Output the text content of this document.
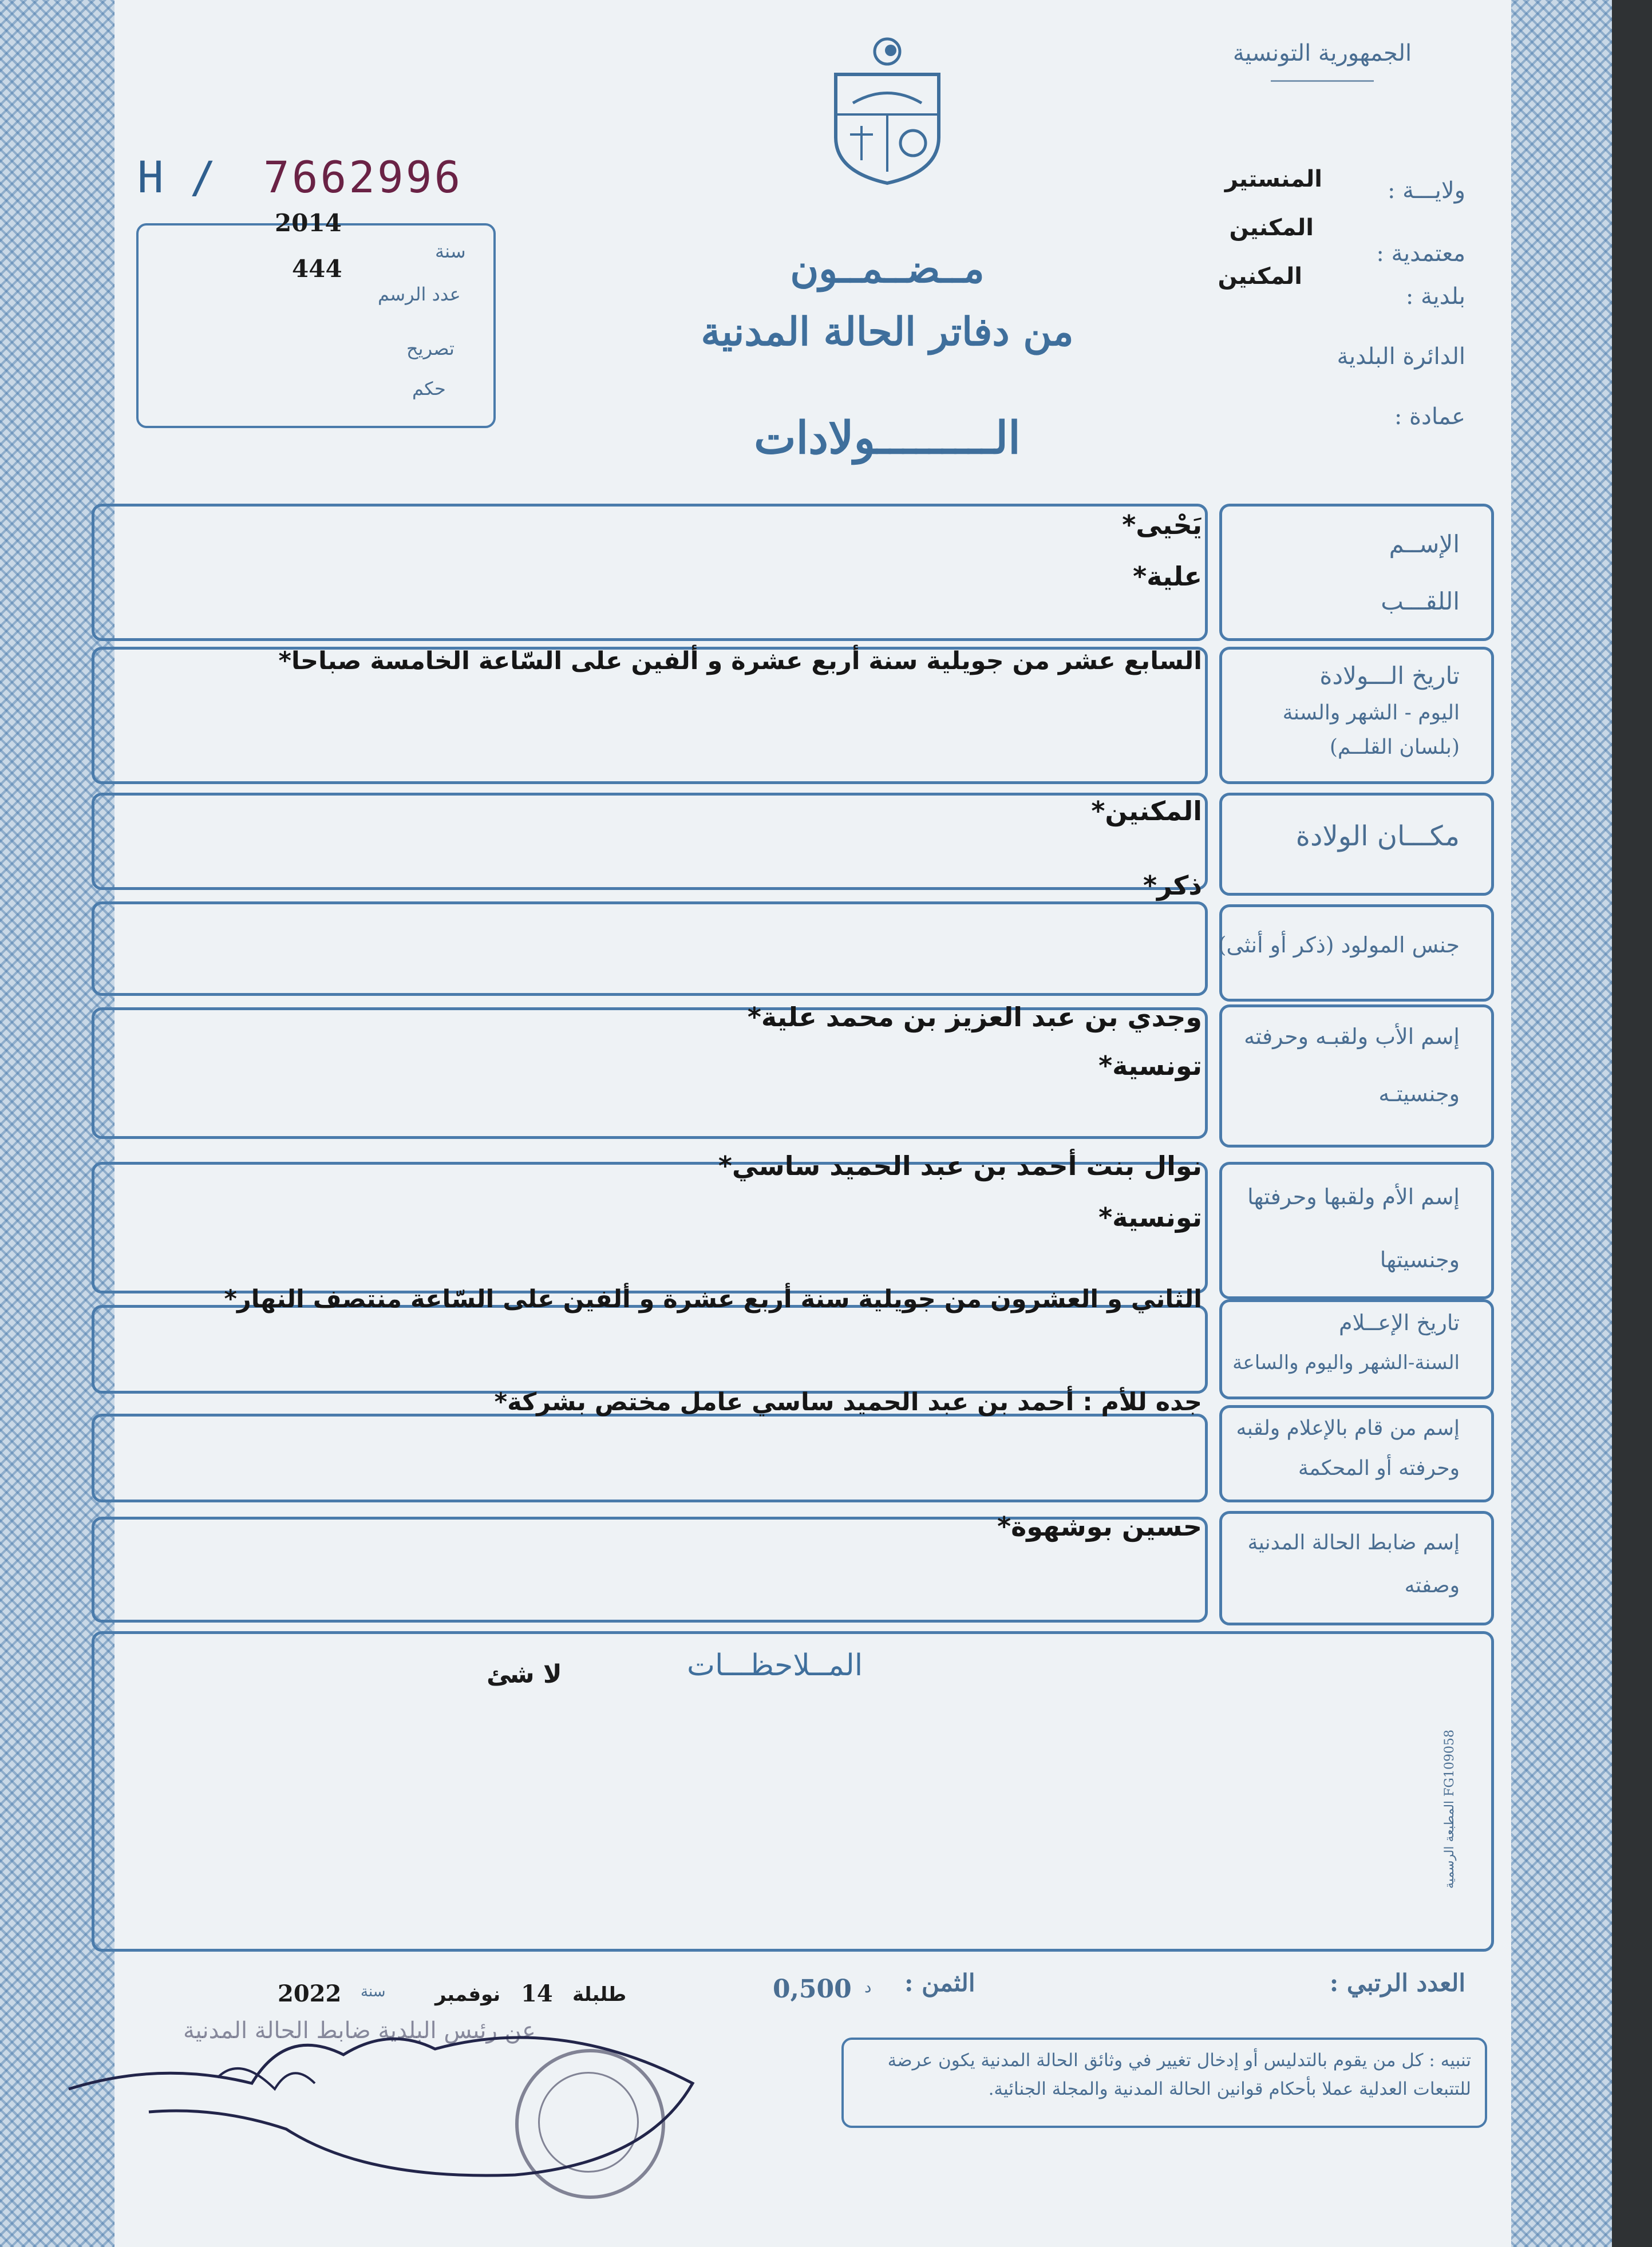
الجمهورية التونسية
ولايـــة :
المنستير
معتمدية :
المكنين
بلدية :
المكنين
الدائرة البلدية
عمادة :
H / 7662996
2014
سنة
444
عدد الرسم
تصريح
حكم
مــضــمــون
من دفاتر الحالة المدنية
الـــــــــولادات
الإســم
اللقـــب
يَحْيى*
علية*
تاريخ الـــولادة
اليوم - الشهر والسنة
(بلسان القلــم)
السابع عشر من جويلية سنة أربع عشرة و ألفين على السّاعة الخامسة صباحا*
مكـــان الولادة
المكنين*
جنس المولود (ذكر أو أنثى)
ذكر*
إسم الأب ولقبـه وحرفته
وجنسيتـه
وجدي بن عبد العزيز بن محمد علية*
تونسية*
إسم الأم ولقبها وحرفتها
وجنسيتها
نوال بنت أحمد بن عبد الحميد ساسي*
تونسية*
تاريخ الإعــلام
السنة-الشهر واليوم والساعة
الثاني و العشرون من جويلية سنة أربع عشرة و ألفين على السّاعة منتصف النهار*
إسم من قام بالإعلام ولقبه
وحرفته أو المحكمة
جده للأم : أحمد بن عبد الحميد ساسي عامل مختص بشركة*
إسم ضابط الحالة المدنية
وصفته
حسين بوشهوة*
المــلاحظـــات
لا شئ
المطبعة الرسمية FG109058
العدد الرتبي :
الثمن :
د
0,500
طلبلة
14
نوفمبر
سنة
2022
عن رئيس البلدية ضابط الحالة المدنية
تنبيه : كل من يقوم بالتدليس أو إدخال تغيير في وثائق الحالة المدنية يكون عرضة للتتبعات العدلية عملا بأحكام قوانين الحالة المدنية والمجلة الجنائية.
